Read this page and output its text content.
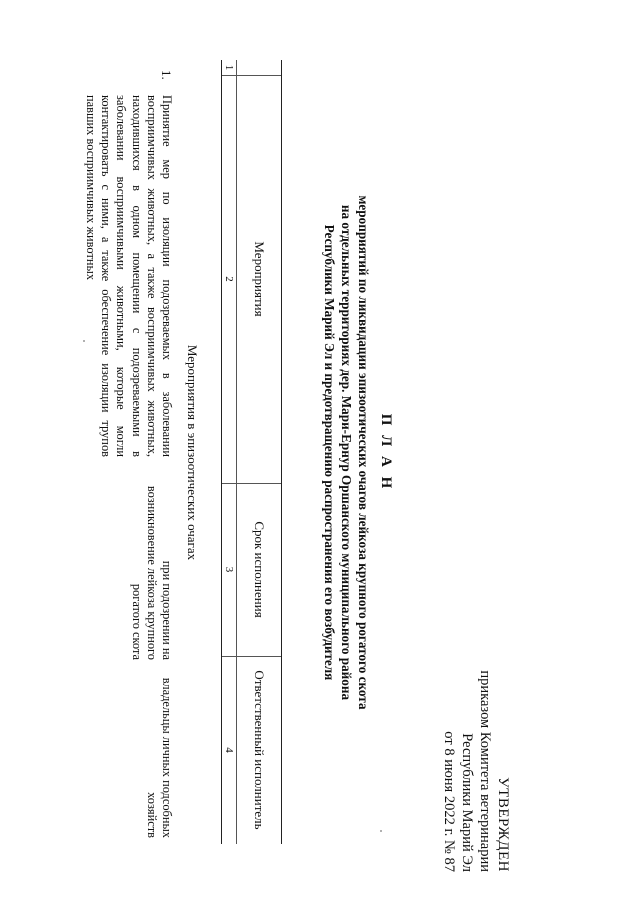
УТВЕРЖДЕН
приказом Комитета ветеринарии
Республики Марий Эл
от 8 июня 2022 г. № 87
П Л А Н
мероприятий по ликвидации эпизоотических очагов лейкоза крупного рогатого скота
на отдельных территориях дер. Мари-Ернур Оршанского муниципального района
Республики Марий Эл и предотвращению распространения его возбудителя
Мероприятия
Срок исполнения
Ответственный исполнитель
1
2
3
4
Мероприятия в эпизоотических очагах
1.
Принятие мер по изоляции подозреваемых в заболевании восприимчивых животных, а также восприимчивых животных, находившихся в одном помещении с подозреваемыми в заболевании восприимчивыми животными, которые могли контактировать с ними, а также обеспечение изоляции трупов павших восприимчивых животных
при подозрении на возникновение лейкоза крупного рогатого скота
владельцы личных подсобных хозяйств
